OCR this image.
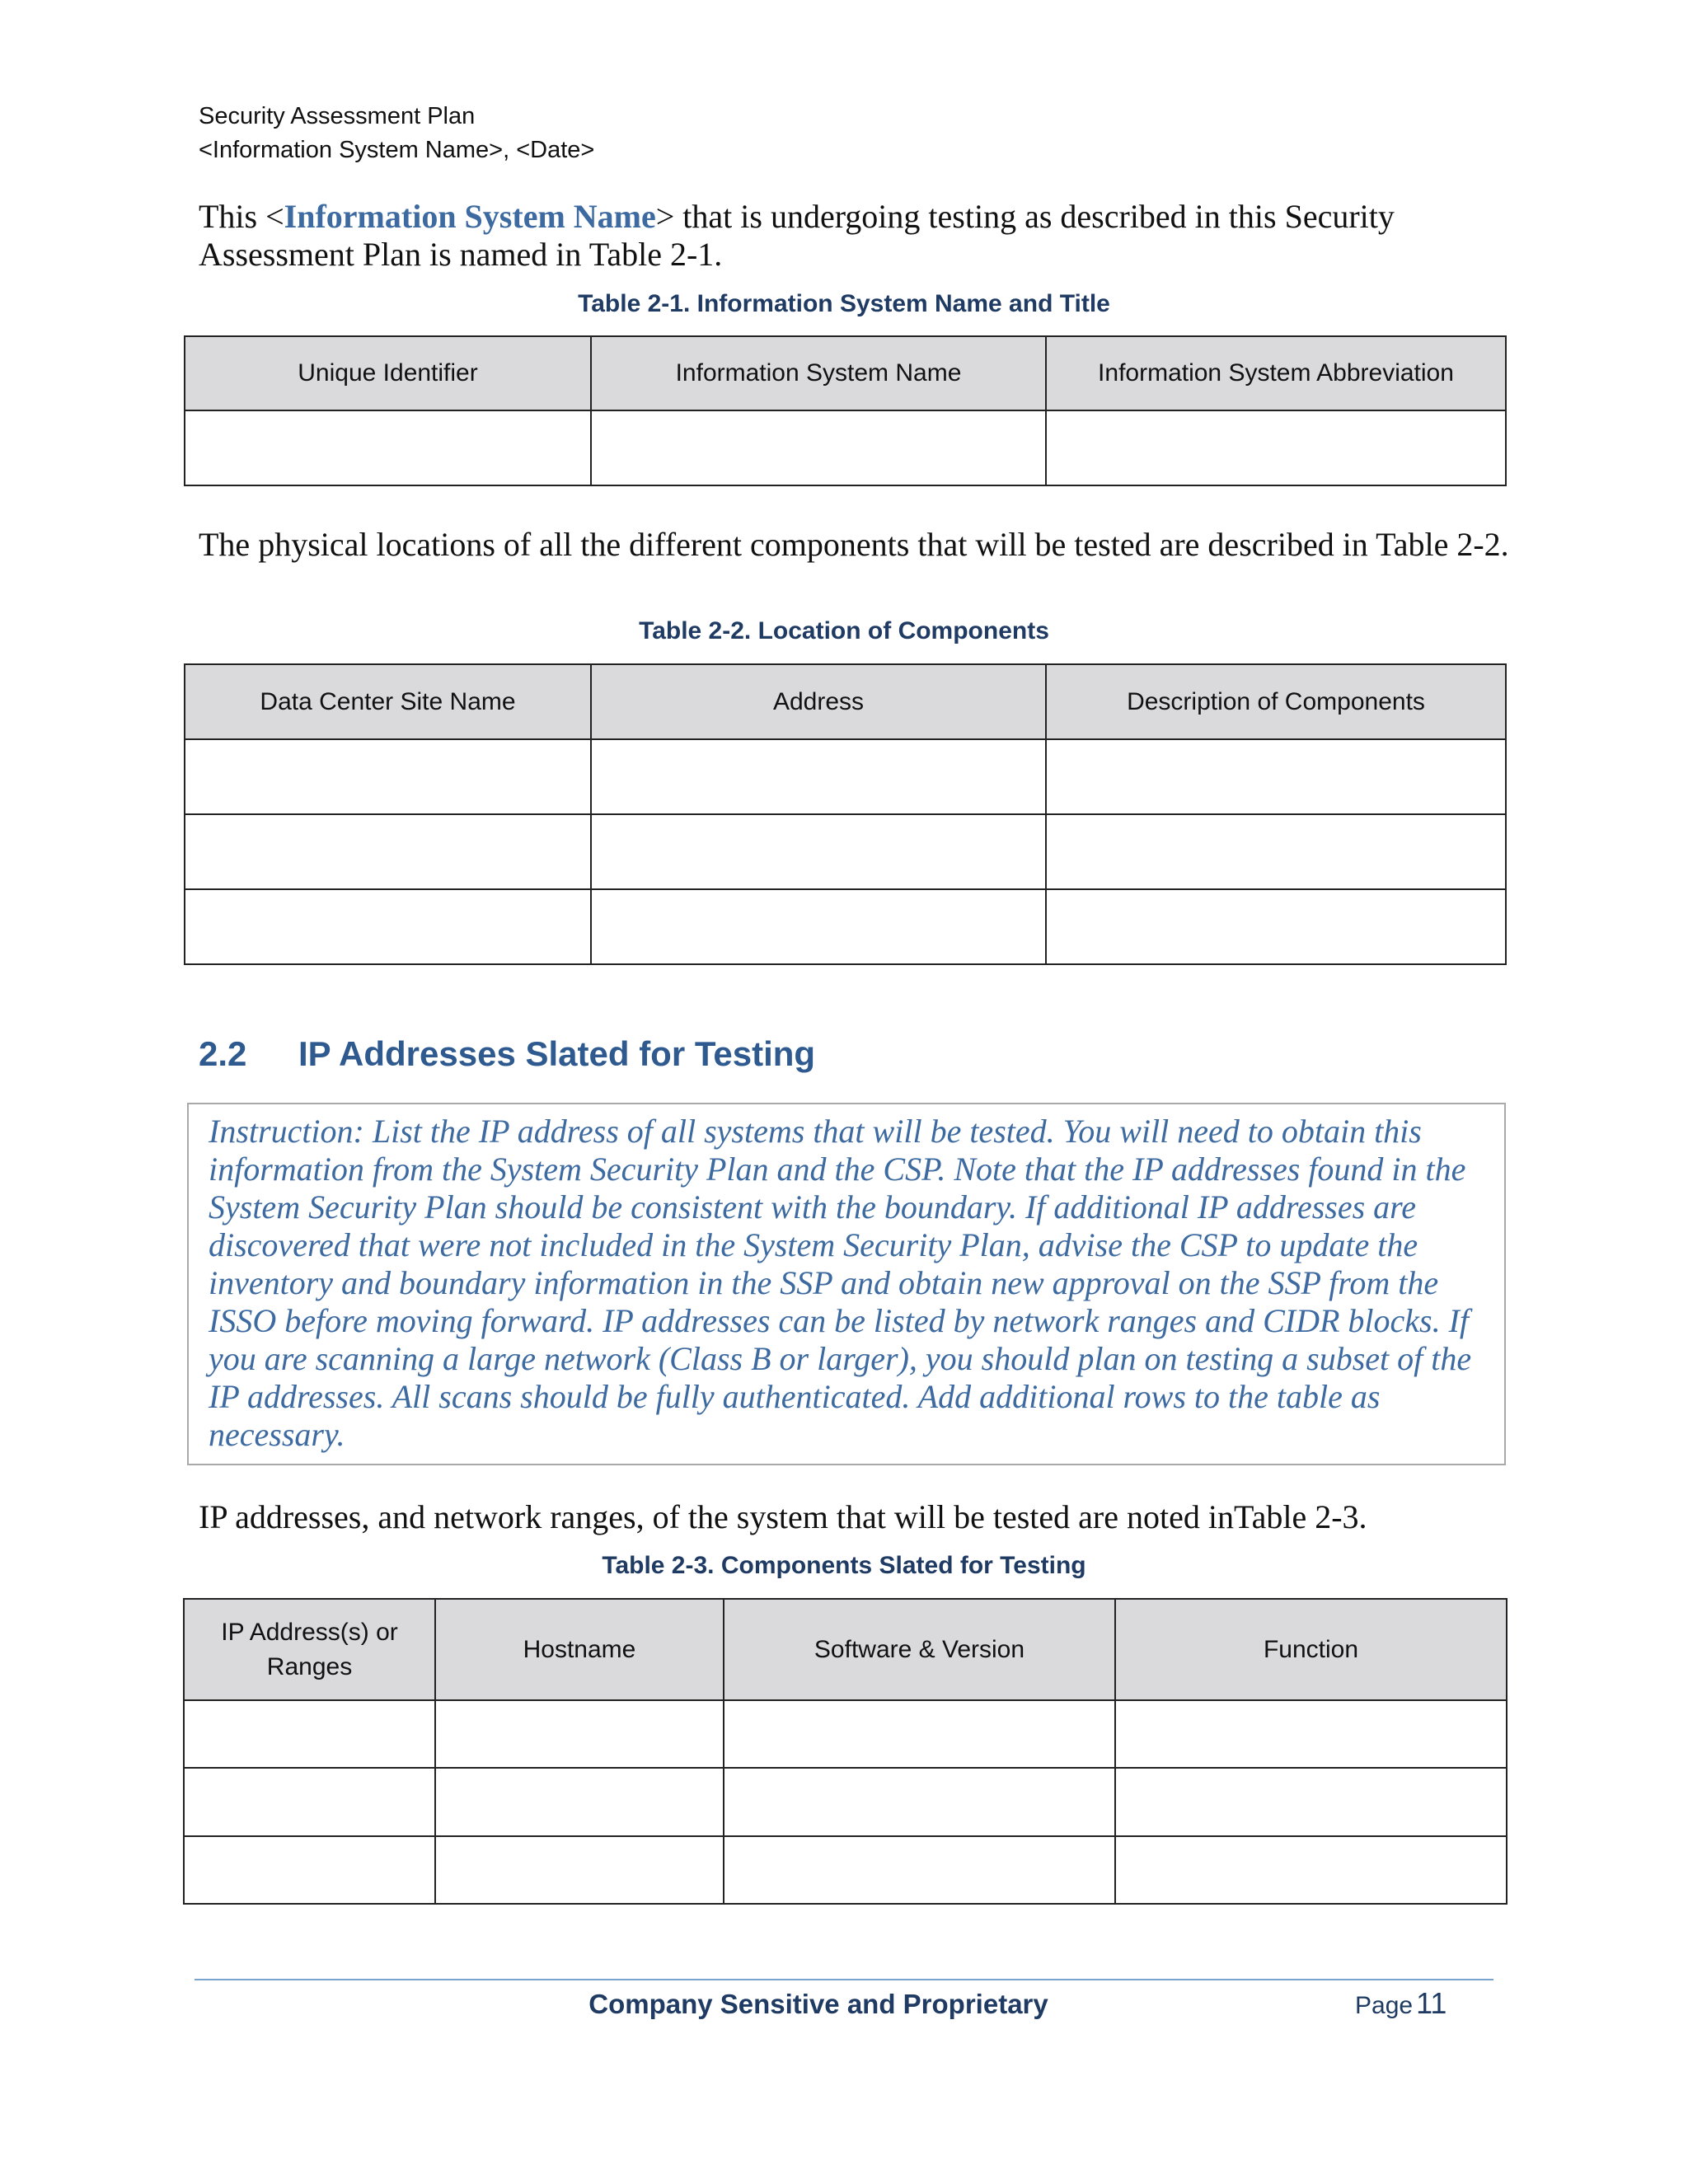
Security Assessment Plan
<Information System Name>, <Date>
This <Information System Name> that is undergoing testing as described in this Security Assessment Plan is named in Table 2-1.
Table 2-1. Information System Name and Title
Unique Identifier	Information System Name	Information System Abbreviation

The physical locations of all the different components that will be tested are described in Table 2-2.
Table 2-2. Location of Components
Data Center Site Name	Address	Description of Components

2.2 IP Addresses Slated for Testing
Instruction: List the IP address of all systems that will be tested. You will need to obtain this information from the System Security Plan and the CSP. Note that the IP addresses found in the System Security Plan should be consistent with the boundary. If additional IP addresses are discovered that were not included in the System Security Plan, advise the CSP to update the inventory and boundary information in the SSP and obtain new approval on the SSP from the ISSO before moving forward. IP addresses can be listed by network ranges and CIDR blocks. If you are scanning a large network (Class B or larger), you should plan on testing a subset of the IP addresses. All scans should be fully authenticated. Add additional rows to the table as necessary.
IP addresses, and network ranges, of the system that will be tested are noted inTable 2-3.
Table 2-3. Components Slated for Testing
IP Address(s) or Ranges	Hostname	Software & Version	Function

Company Sensitive and Proprietary	Page 11
